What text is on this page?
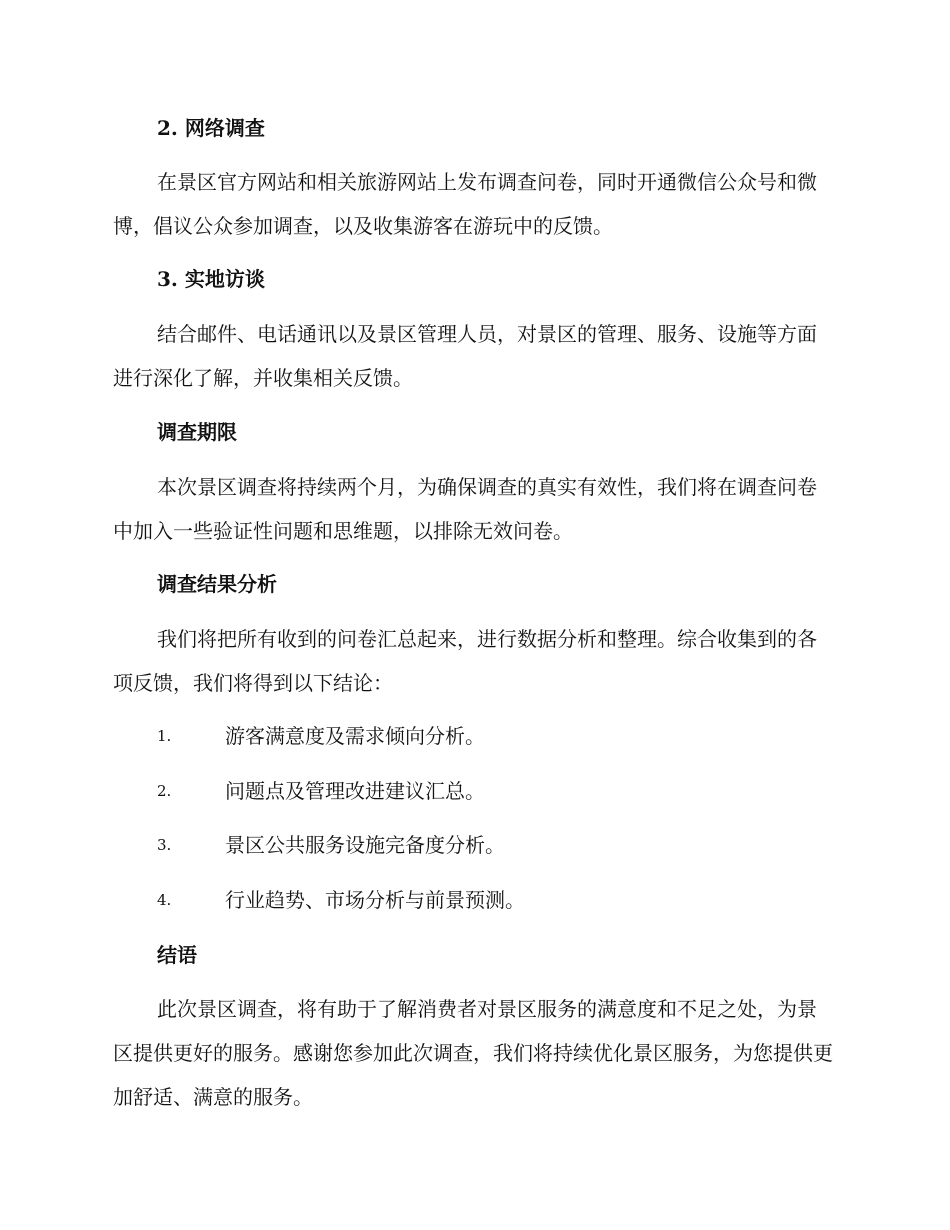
2. 网络调查

在景区官方网站和相关旅游网站上发布调查问卷，同时开通微信公众号和微博，倡议公众参加调查，以及收集游客在游玩中的反馈。

3. 实地访谈

结合邮件、电话通讯以及景区管理人员，对景区的管理、服务、设施等方面进行深化了解，并收集相关反馈。

调查期限

本次景区调查将持续两个月，为确保调查的真实有效性，我们将在调查问卷中加入一些验证性问题和思维题，以排除无效问卷。

调查结果分析

我们将把所有收到的问卷汇总起来，进行数据分析和整理。综合收集到的各项反馈，我们将得到以下结论：

1.	游客满意度及需求倾向分析。
2.	问题点及管理改进建议汇总。
3.	景区公共服务设施完备度分析。
4.	行业趋势、市场分析与前景预测。
结语

此次景区调查，将有助于了解消费者对景区服务的满意度和不足之处，为景区提供更好的服务。感谢您参加此次调查，我们将持续优化景区服务，为您提供更加舒适、满意的服务。
